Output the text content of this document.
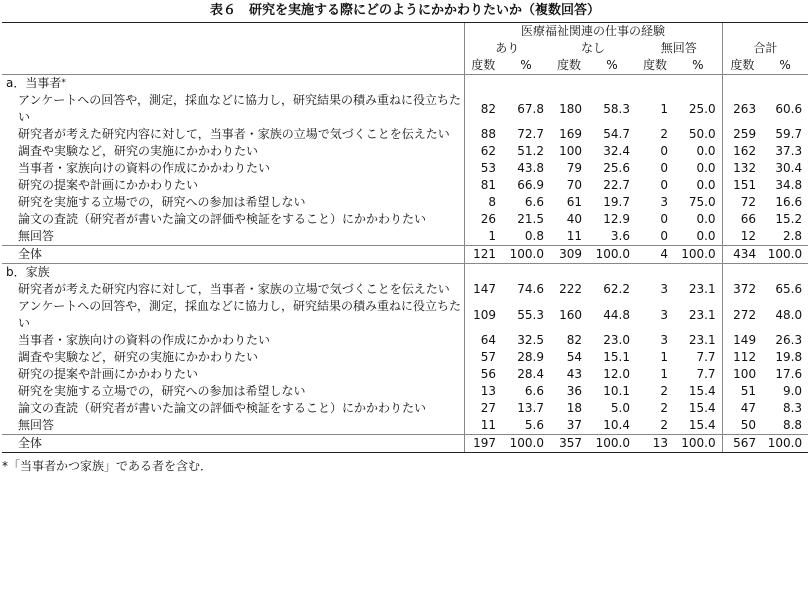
表６　研究を実施する際にどのようにかかわりたいか（複数回答）
	医療福祉関連の仕事の経験							
	あり		なし		無回答		合計	
	度数	%	度数	%	度数	%	度数	%
a．当事者*								
アンケートへの回答や，測定，採血などに協力し，研究結果の積み重ねに役立ちたい	82	67.8	180	58.3	1	25.0	263	60.6
研究者が考えた研究内容に対して，当事者・家族の立場で気づくことを伝えたい	88	72.7	169	54.7	2	50.0	259	59.7
調査や実験など，研究の実施にかかわりたい	62	51.2	100	32.4	0	0.0	162	37.3
当事者・家族向けの資料の作成にかかわりたい	53	43.8	79	25.6	0	0.0	132	30.4
研究の提案や計画にかかわりたい	81	66.9	70	22.7	0	0.0	151	34.8
研究を実施する立場での，研究への参加は希望しない	8	6.6	61	19.7	3	75.0	72	16.6
論文の査読（研究者が書いた論文の評価や検証をすること）にかかわりたい	26	21.5	40	12.9	0	0.0	66	15.2
無回答	1	0.8	11	3.6	0	0.0	12	2.8
全体	121	100.0	309	100.0	4	100.0	434	100.0
b．家族								
研究者が考えた研究内容に対して，当事者・家族の立場で気づくことを伝えたい	147	74.6	222	62.2	3	23.1	372	65.6
アンケートへの回答や，測定，採血などに協力し，研究結果の積み重ねに役立ちたい	109	55.3	160	44.8	3	23.1	272	48.0
当事者・家族向けの資料の作成にかかわりたい	64	32.5	82	23.0	3	23.1	149	26.3
調査や実験など，研究の実施にかかわりたい	57	28.9	54	15.1	1	7.7	112	19.8
研究の提案や計画にかかわりたい	56	28.4	43	12.0	1	7.7	100	17.6
研究を実施する立場での，研究への参加は希望しない	13	6.6	36	10.1	2	15.4	51	9.0
論文の査読（研究者が書いた論文の評価や検証をすること）にかかわりたい	27	13.7	18	5.0	2	15.4	47	8.3
無回答	11	5.6	37	10.4	2	15.4	50	8.8
全体	197	100.0	357	100.0	13	100.0	567	100.0
*「当事者かつ家族」である者を含む．
